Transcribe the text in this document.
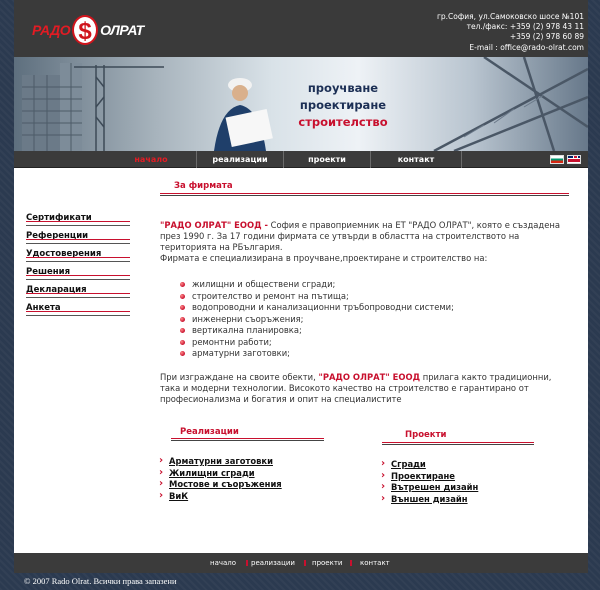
РАДО $ ОЛРАТ
гр.София, ул.Самоковско шосе №101
тел./факс: +359 (2) 978 43 11
+359 (2) 978 60 89
E-mail : office@rado-olrat.com
проучване
проектиране
строителство
начало	реализации	проекти	контакт
За фирмата
Сертификати
Референции
Удостоверения
Решения
Декларация
Анкета

"РАДО ОЛРАТ" ЕООД - София е правоприемник на ЕТ "РАДО ОЛРАТ", която е създадена през 1990 г. За 17 години фирмата се утвърди в областта на строителството на територията на РБългария.

Фирмата е специализирана в проучване,проектиране и строителство на:

жилищни и обществени сгради;
строителство и ремонт на пътища;
водопроводни и канализационни тръбопроводни системи;
инженерни съоръжения;
вертикална планировка;
ремонтни работи;
арматурни заготовки;

При изграждане на своите обекти, "РАДО ОЛРАТ" ЕООД прилага както традиционни, така и модерни технологии. Високото качество на строителство е гарантирано от професионализма и богатия и опит на специалистите

Реализации
› Арматурни заготовки
› Жилищни сгради
› Мостове и съоръжения
› ВиК
Проекти
› Сгради
› Проектиране
› Вътрешен дизайн
› Външен дизайн
начало реализации проекти	контакт
© 2007 Rado Olrat. Всички права запазени
